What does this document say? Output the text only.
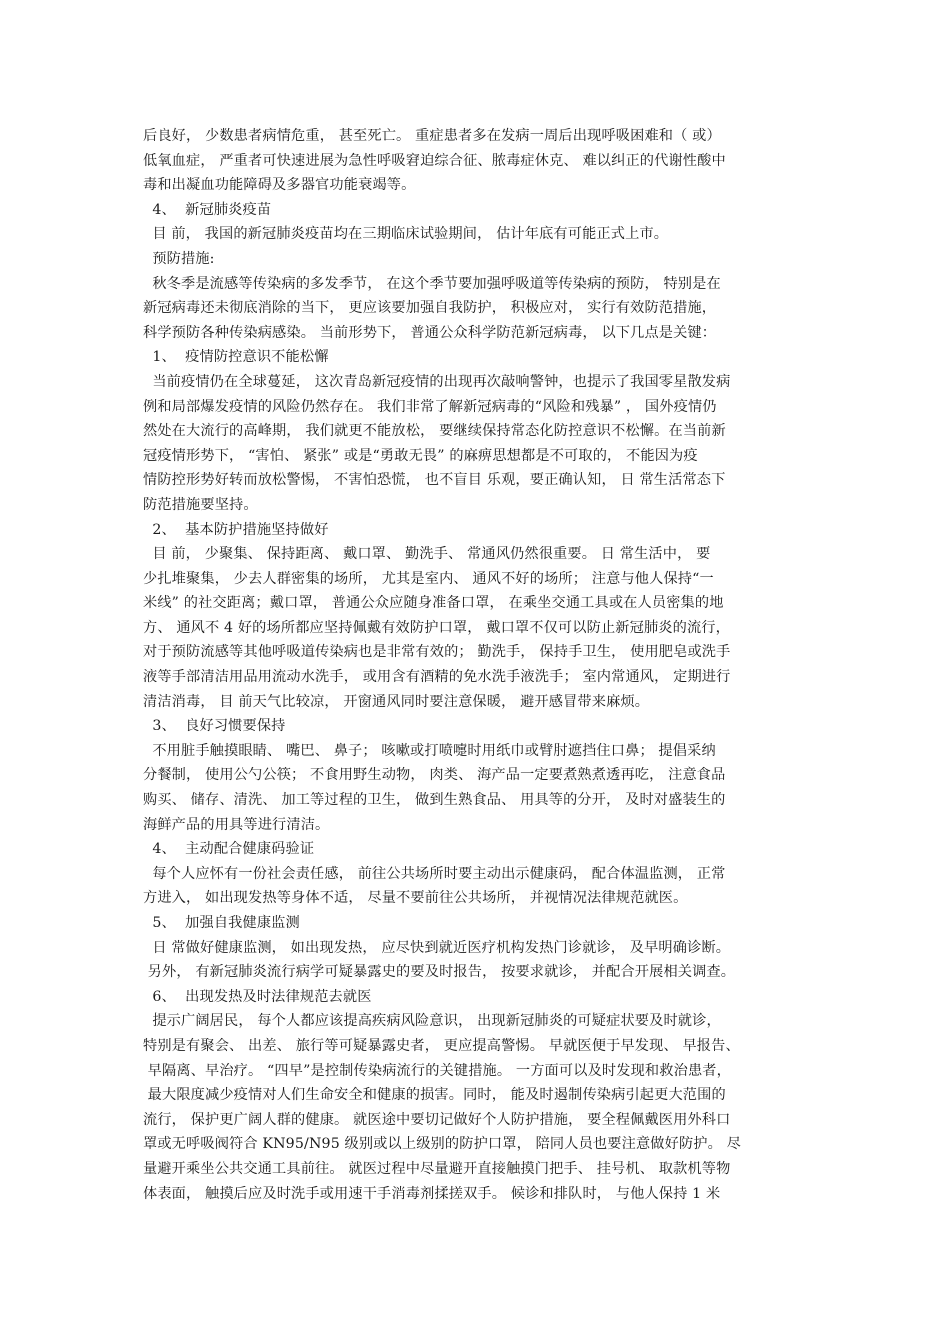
后良好， 少数患者病情危重， 甚至死亡。 重症患者多在发病一周后出现呼吸困难和（ 或）
低氧血症， 严重者可快速进展为急性呼吸窘迫综合征、脓毒症休克、 难以纠正的代谢性酸中
毒和出凝血功能障碍及多器官功能衰竭等。
4、  新冠肺炎疫苗
目 前， 我国的新冠肺炎疫苗均在三期临床试验期间， 估计年底有可能正式上市。
预防措施:
秋冬季是流感等传染病的多发季节， 在这个季节要加强呼吸道等传染病的预防， 特别是在
新冠病毒还未彻底消除的当下， 更应该要加强自我防护， 积极应对， 实行有效防范措施，
科学预防各种传染病感染。 当前形势下， 普通公众科学防范新冠病毒， 以下几点是关键：
1、  疫情防控意识不能松懈
当前疫情仍在全球蔓延， 这次青岛新冠疫情的出现再次敲响警钟，也提示了我国零星散发病
例和局部爆发疫情的风险仍然存在。 我们非常了解新冠病毒的“风险和残暴” ， 国外疫情仍
然处在大流行的高峰期， 我们就更不能放松， 要继续保持常态化防控意识不松懈。在当前新
冠疫情形势下， “害怕、 紧张” 或是“勇敢无畏” 的麻痹思想都是不可取的， 不能因为疫
情防控形势好转而放松警惕， 不害怕恐慌， 也不盲目 乐观，要正确认知， 日 常生活常态下
防范措施要坚持。
2、  基本防护措施坚持做好
目 前， 少聚集、 保持距离、 戴口罩、 勤洗手、 常通风仍然很重要。 日 常生活中， 要
少扎堆聚集， 少去人群密集的场所， 尤其是室内、 通风不好的场所； 注意与他人保持“一
米线” 的社交距离；戴口罩， 普通公众应随身准备口罩， 在乘坐交通工具或在人员密集的地
方、 通风不 4 好的场所都应坚持佩戴有效防护口罩， 戴口罩不仅可以防止新冠肺炎的流行，
对于预防流感等其他呼吸道传染病也是非常有效的； 勤洗手， 保持手卫生， 使用肥皂或洗手
液等手部清洁用品用流动水洗手， 或用含有酒精的免水洗手液洗手； 室内常通风， 定期进行
清洁消毒， 目 前天气比较凉， 开窗通风同时要注意保暖， 避开感冒带来麻烦。
3、  良好习惯要保持
不用脏手触摸眼睛、 嘴巴、 鼻子； 咳嗽或打喷嚏时用纸巾或臂肘遮挡住口鼻； 提倡采纳
分餐制， 使用公勺公筷； 不食用野生动物， 肉类、 海产品一定要煮熟煮透再吃， 注意食品
购买、 储存、清洗、 加工等过程的卫生， 做到生熟食品、 用具等的分开， 及时对盛装生的
海鲜产品的用具等进行清洁。
4、  主动配合健康码验证
每个人应怀有一份社会责任感， 前往公共场所时要主动出示健康码， 配合体温监测， 正常
方进入， 如出现发热等身体不适， 尽量不要前往公共场所， 并视情况法律规范就医。
5、  加强自我健康监测
日 常做好健康监测， 如出现发热， 应尽快到就近医疗机构发热门诊就诊， 及早明确诊断。
另外， 有新冠肺炎流行病学可疑暴露史的要及时报告， 按要求就诊， 并配合开展相关调查。
6、  出现发热及时法律规范去就医
提示广阔居民， 每个人都应该提高疾病风险意识， 出现新冠肺炎的可疑症状要及时就诊，
特别是有聚会、 出差、 旅行等可疑暴露史者， 更应提高警惕。 早就医便于早发现、 早报告、
早隔离、早治疗。 “四早”是控制传染病流行的关键措施。 一方面可以及时发现和救治患者，
最大限度减少疫情对人们生命安全和健康的损害。同时， 能及时遏制传染病引起更大范围的
流行， 保护更广阔人群的健康。 就医途中要切记做好个人防护措施， 要全程佩戴医用外科口
罩或无呼吸阀符合 KN95/N95 级别或以上级别的防护口罩， 陪同人员也要注意做好防护。 尽
量避开乘坐公共交通工具前往。 就医过程中尽量避开直接触摸门把手、 挂号机、 取款机等物
体表面， 触摸后应及时洗手或用速干手消毒剂揉搓双手。 候诊和排队时， 与他人保持 1 米
